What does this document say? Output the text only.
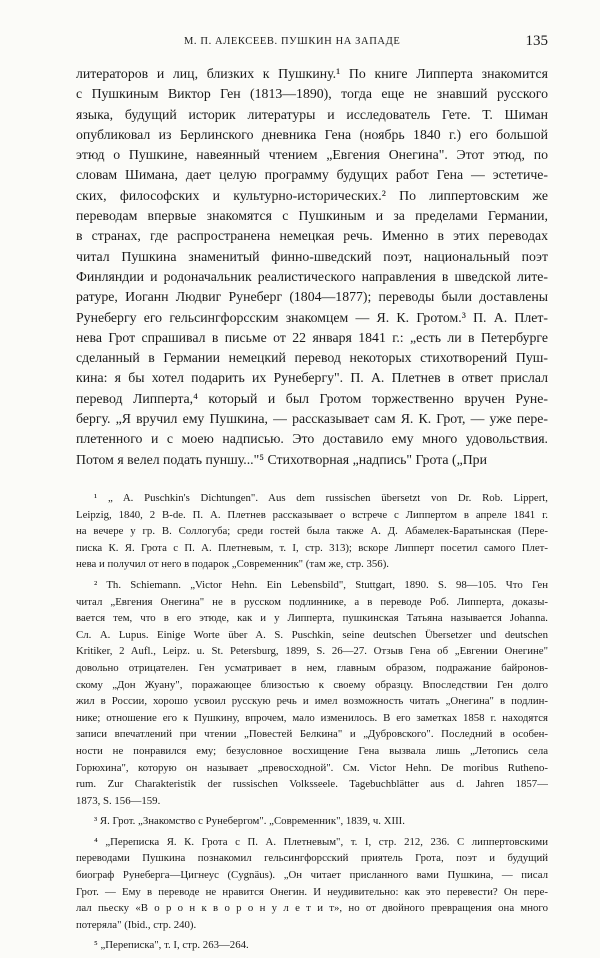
М. П. АЛЕКСЕЕВ. ПУШКИН НА ЗАПАДЕ	135
литераторов и лиц, близких к Пушкину.¹ По книге Липперта знакомится
с Пушкиным Виктор Ген (1813—1890), тогда еще не знавший русского
языка, будущий историк литературы и исследователь Гете. Т. Шиман
опубликовал из Берлинского дневника Гена (ноябрь 1840 г.) его большой
этюд о Пушкине, навеянный чтением „Евгения Онегина". Этот этюд, по
словам Шимана, дает целую программу будущих работ Гена — эстетиче-
ских, философских и культурно-исторических.² По липпертовским же
переводам впервые знакомятся с Пушкиным и за пределами Германии,
в странах, где распространена немецкая речь. Именно в этих переводах
читал Пушкина знаменитый финно-шведский поэт, национальный поэт
Финляндии и родоначальник реалистического направления в шведской лите-
ратуре, Иоганн Людвиг Рунеберг (1804—1877); переводы были доставлены
Рунебергу его гельсингфорсским знакомцем — Я. К. Гротом.³ П. А. Плет-
нева Грот спрашивал в письме от 22 января 1841 г.: „есть ли в Петербурге
сделанный в Германии немецкий перевод некоторых стихотворений Пуш-
кина: я бы хотел подарить их Рунебергу". П. А. Плетнев в ответ прислал
перевод Липперта,⁴ который и был Гротом торжественно вручен Руне-
бергу. „Я вручил ему Пушкина, — рассказывает сам Я. К. Грот, — уже пере-
плетенного и с моею надписью. Это доставило ему много удовольствия.
Потом я велел подать пуншу..."⁵ Стихотворная „надпись" Грота („При
¹ „ A. Puschkin's Dichtungen". Aus dem russischen übersetzt von Dr. Rob. Lippert,
Leipzig, 1840, 2 B-de. П. А. Плетнев рассказывает о встрече с Липпертом в апреле 1841 г.
на вечере у гр. В. Соллогуба; среди гостей была также А. Д. Абамелек-Баратынская (Пере-
писка К. Я. Грота с П. А. Плетневым, т. I, стр. 313); вскоре Липперт посетил самого Плет-
нева и получил от него в подарок „Современник" (там же, стр. 356).
² Th. Schiemann. „Victor Hehn. Ein Lebensbild", Stuttgart, 1890. S. 98—105. Что Ген
читал „Евгения Онегина" не в русском подлиннике, а в переводе Роб. Липперта, доказы-
вается тем, что в его этюде, как и у Липперта, пушкинская Татьяна называется Johanna.
Cл. A. Lupus. Einige Worte über A. S. Puschkin, seine deutschen Übersetzer und deutschen
Kritiker, 2 Aufl., Leipz. u. St. Petersburg, 1899, S. 26—27. Отзыв Гена об „Евгении Онегине"
довольно отрицателен. Ген усматривает в нем, главным образом, подражание байронов-
скому „Дон Жуану", поражающее близостью к своему образцу. Впоследствии Ген долго
жил в России, хорошо усвоил русскую речь и имел возможность читать „Онегина" в подлин-
нике; отношение его к Пушкину, впрочем, мало изменилось. В его заметках 1858 г. находятся
записи впечатлений при чтении „Повестей Белкина" и „Дубровского". Последний в особен-
ности не понравился ему; безусловное восхищение Гена вызвала лишь „Летопись села
Горюхина", которую он называет „превосходной". Cм. Victor Hehn. De moribus Rutheno-
rum. Zur Charakteristik der russischen Volksseele. Tagebuchblätter aus d. Jahren 1857—
1873, S. 156—159.
³ Я. Грот. „Знакомство с Рунебергом". „Современник", 1839, ч. XIII.
⁴ „Переписка Я. К. Грота с П. А. Плетневым", т. I, стр. 212, 236. С липпертовскими
переводами Пушкина познакомил гельсингфорсский приятель Грота, поэт и будущий
биограф Рунеберга—Цигнеус (Cygnäus). „Он читает присланного вами Пушкина, — писал
Грот. — Ему в переводе не нравится Онегин. И неудивительно: как это перевести? Он пере-
лал пьеску «В о р о н к в о р о н у л е т и т», но от двойного превращения она много
потеряла" (Ibid., стр. 240).
⁵ „Переписка", т. I, стр. 263—264.
